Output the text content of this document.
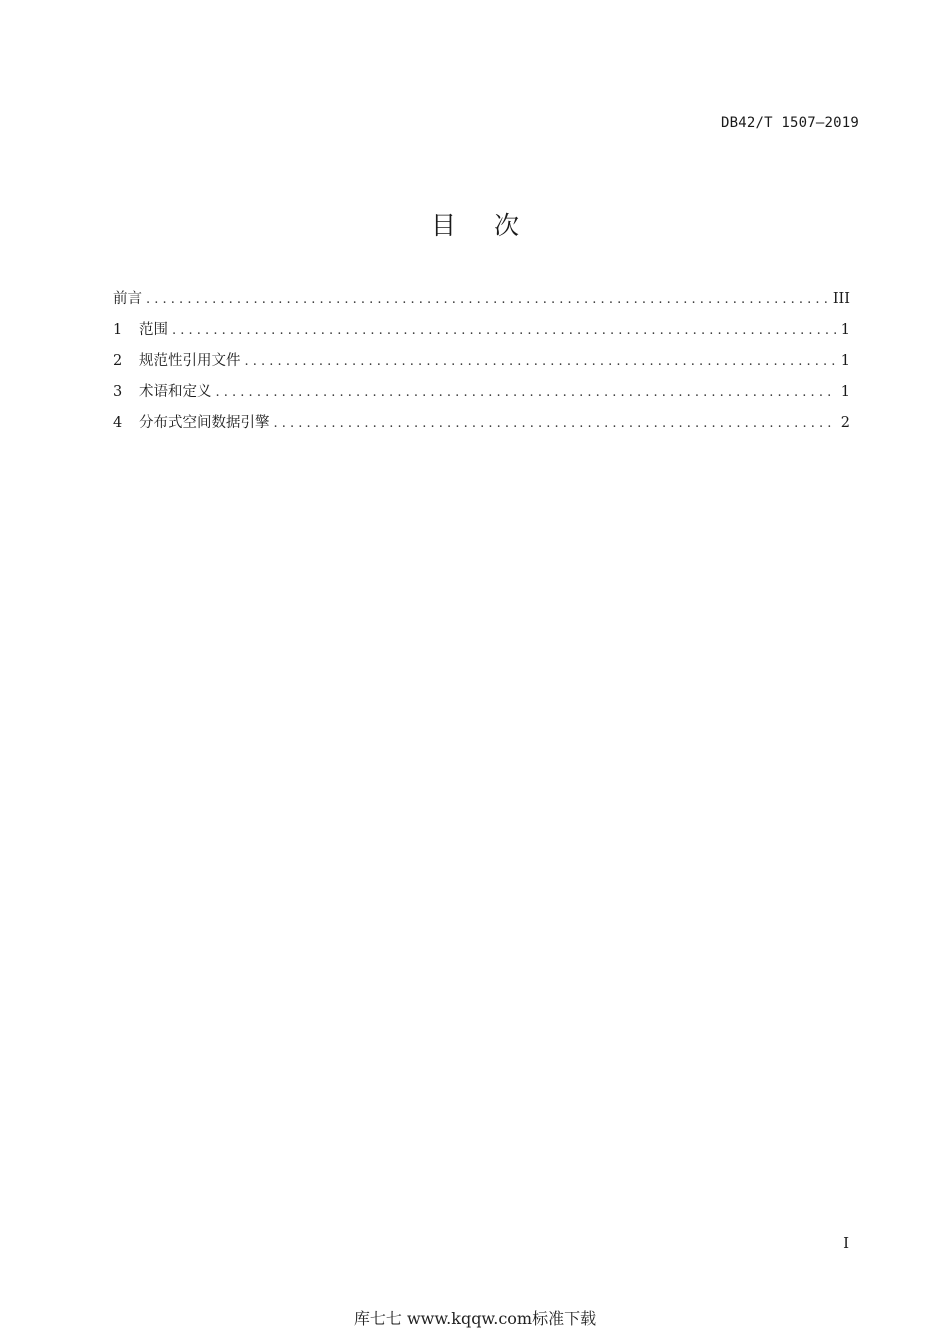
DB42/T 1507—2019
目 次
前言 . . .	III
1	范围 . . .	1
2	规范性引用文件 . . .	1
3	术语和定义 . . .	1
4	分布式空间数据引擎 . . .	2
I
库七七 www.kqqw.com标准下载
